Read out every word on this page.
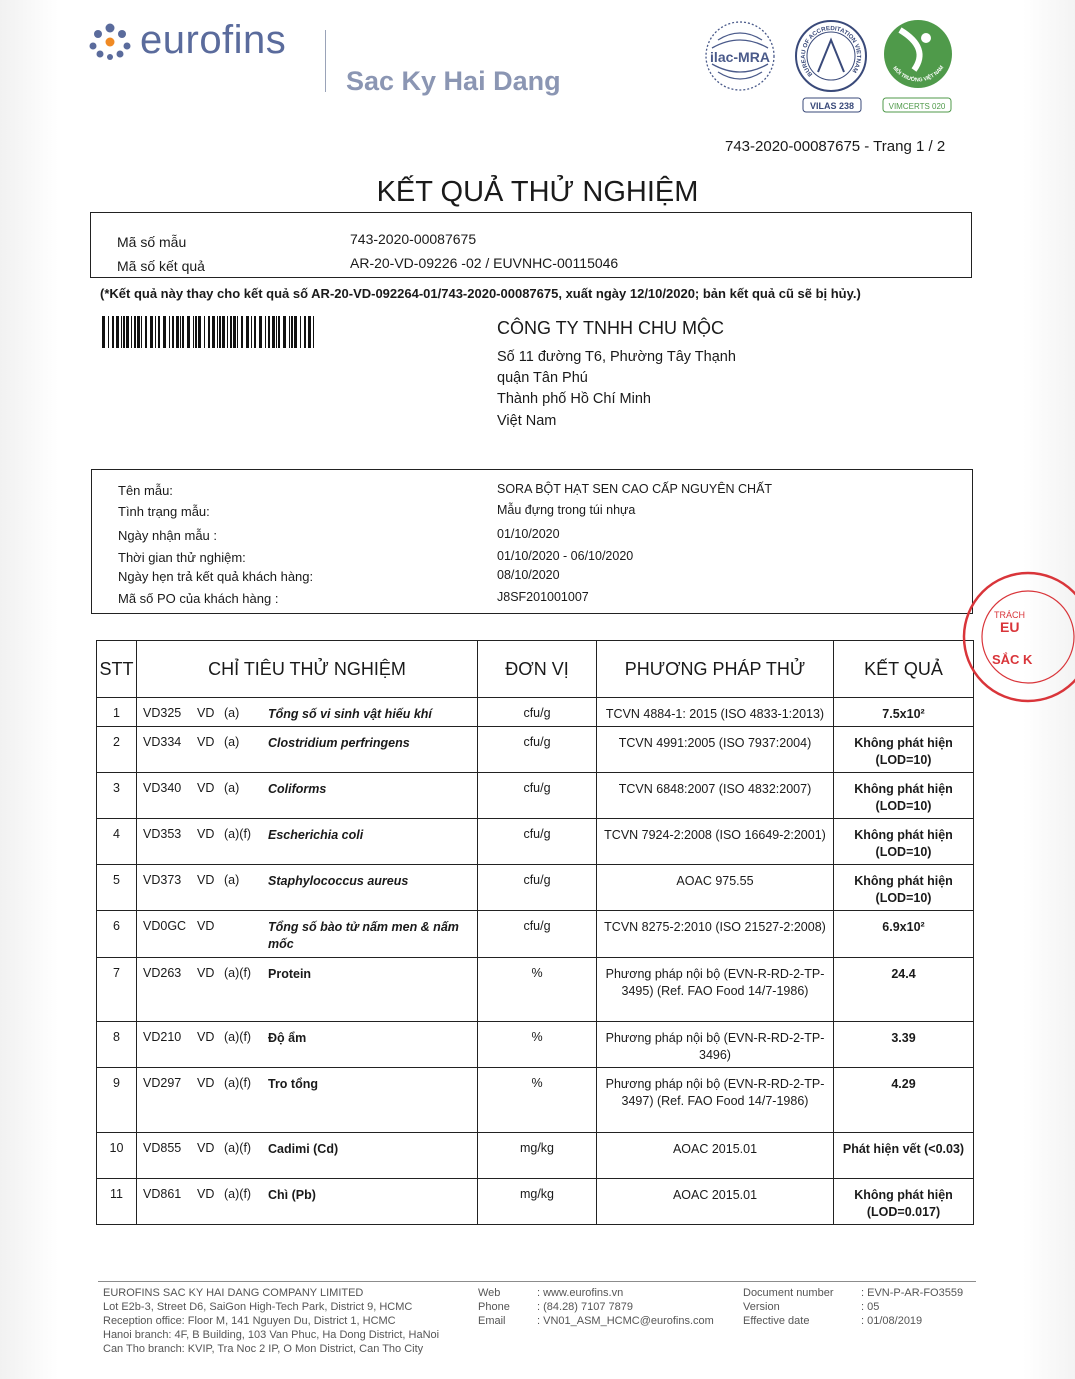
eurofins
Sac Ky Hai Dang
ilac-MRA
BUREAU OF ACCREDITATION VIETNAM
VILAS 238
MÔI TRƯỜNG VIỆT NAM
VIMCERTS 020
743-2020-00087675 - Trang 1 / 2
KẾT QUẢ THỬ NGHIỆM
Mã số mẫu	743-2020-00087675
Mã số kết quả	AR-20-VD-09226 -02 / EUVNHC-00115046
(*Kết quả này thay cho kết quả số AR-20-VD-092264-01/743-2020-00087675, xuất ngày 12/10/2020; bản kết quả cũ sẽ bị hủy.)
CÔNG TY TNHH CHU MỘC
Số 11 đường T6, Phường Tây Thạnh
quận Tân Phú
Thành phố Hồ Chí Minh
Việt Nam
Tên mẫu:	SORA BỘT HẠT SEN CAO CẤP NGUYÊN CHẤT
Tình trạng mẫu:	Mẫu đựng trong túi nhựa
Ngày nhận mẫu :	01/10/2020
Thời gian thử nghiệm:	01/10/2020 - 06/10/2020
Ngày hẹn trả kết quả khách hàng:	08/10/2020
Mã số PO của khách hàng :	J8SF201001007
STT	CHỈ TIÊU THỬ NGHIỆM	ĐƠN VỊ	PHƯƠNG PHÁP THỬ	KẾT QUẢ
1	VD325 VD (a) Tổng số vi sinh vật hiếu khí	cfu/g	TCVN 4884-1: 2015 (ISO 4833-1:2013)	7.5x10²
2	VD334 VD (a) Clostridium perfringens	cfu/g	TCVN 4991:2005 (ISO 7937:2004)	Không phát hiện (LOD=10)
3	VD340 VD (a) Coliforms	cfu/g	TCVN 6848:2007 (ISO 4832:2007)	Không phát hiện (LOD=10)
4	VD353 VD (a)(f) Escherichia coli	cfu/g	TCVN 7924-2:2008 (ISO 16649-2:2001)	Không phát hiện (LOD=10)
5	VD373 VD (a) Staphylococcus aureus	cfu/g	AOAC 975.55	Không phát hiện (LOD=10)
6	VD0GC VD Tổng số bào tử nấm men & nấm mốc	cfu/g	TCVN 8275-2:2010 (ISO 21527-2:2008)	6.9x10²
7	VD263 VD (a)(f) Protein	%	Phương pháp nội bộ (EVN-R-RD-2-TP-3495) (Ref. FAO Food 14/7-1986)	24.4
8	VD210 VD (a)(f) Độ ẩm	%	Phương pháp nội bộ (EVN-R-RD-2-TP-3496)	3.39
9	VD297 VD (a)(f) Tro tổng	%	Phương pháp nội bộ (EVN-R-RD-2-TP-3497) (Ref. FAO Food 14/7-1986)	4.29
10	VD855 VD (a)(f) Cadimi (Cd)	mg/kg	AOAC 2015.01	Phát hiện vết (<0.03)
11	VD861 VD (a)(f) Chì (Pb)	mg/kg	AOAC 2015.01	Không phát hiện (LOD=0.017)
EU
SẮC K
TRÁCH
EUROFINS SAC KY HAI DANG COMPANY LIMITED
Lot E2b-3, Street D6, SaiGon High-Tech Park, District 9, HCMC
Reception office: Floor M, 141 Nguyen Du, District 1, HCMC
Hanoi branch: 4F, B Building, 103 Van Phuc, Ha Dong District, HaNoi
Can Tho branch: KVIP, Tra Noc 2 IP, O Mon District, Can Tho City
Web
Phone
Email
: www.eurofins.vn
: (84.28) 7107 7879
: VN01_ASM_HCMC@eurofins.com
Document number
Version
Effective date
: EVN-P-AR-FO3559
: 05
: 01/08/2019
